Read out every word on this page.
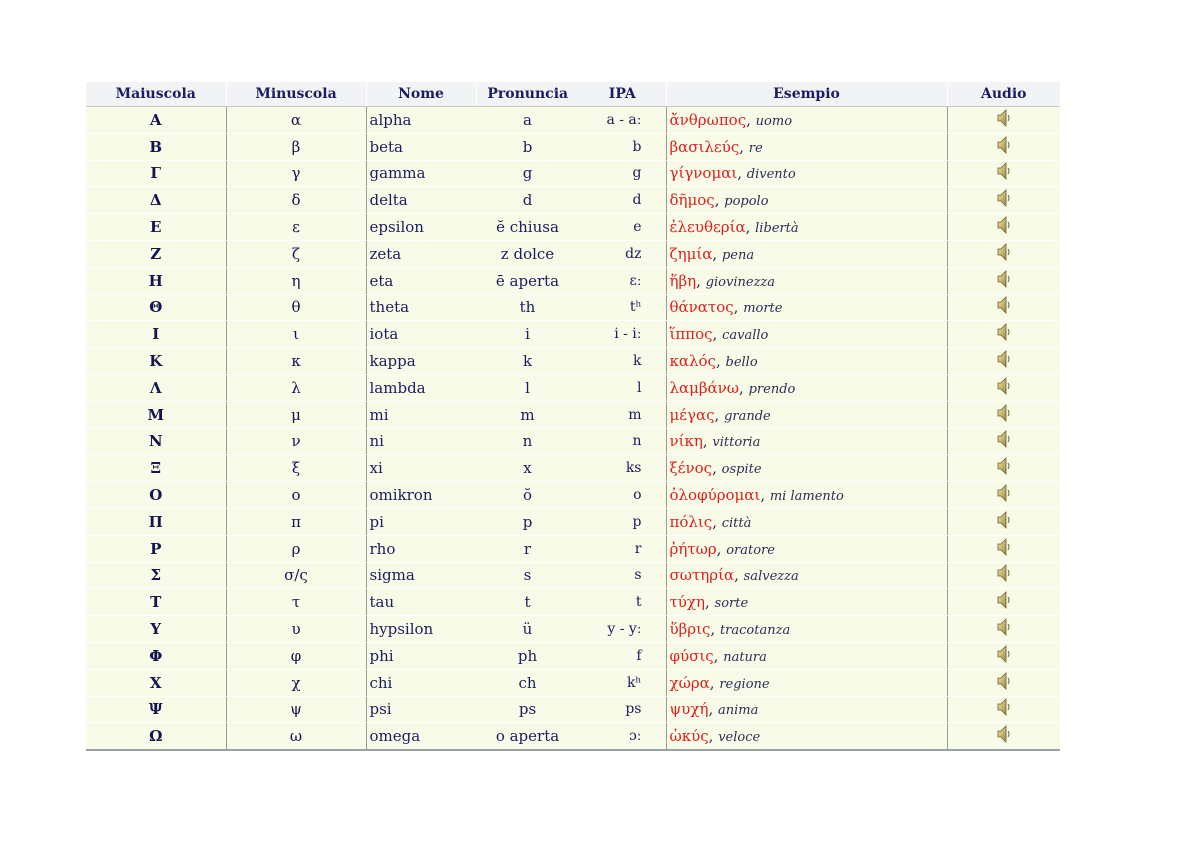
Maiuscola	Minuscola	Nome	Pronuncia	IPA	Esempio	Audio
Α	α	alpha	a	a - aː	ἄνθρωπος, uomo	
Β	β	beta	b	b	βασιλεύς, re	
Γ	γ	gamma	g	g	γίγνομαι, divento	
Δ	δ	delta	d	d	δῆμος, popolo	
Ε	ε	epsilon	ĕ chiusa	e	ἐλευθερία, libertà	
Ζ	ζ	zeta	z dolce	dz	ζημία, pena	
Η	η	eta	ē aperta	ɛː	ἥβη, giovinezza	
Θ	θ	theta	th	tʰ	θάνατος, morte	
Ι	ι	iota	i	i - iː	ἵππος, cavallo	
Κ	κ	kappa	k	k	καλός, bello	
Λ	λ	lambda	l	l	λαμβάνω, prendo	
Μ	μ	mi	m	m	μέγας, grande	
Ν	ν	ni	n	n	νίκη, vittoria	
Ξ	ξ	xi	x	ks	ξένος, ospite	
Ο	ο	omikron	ŏ	o	ὀλοφύρομαι, mi lamento	
Π	π	pi	p	p	πόλις, città	
Ρ	ρ	rho	r	r	ῥήτωρ, oratore	
Σ	σ/ς	sigma	s	s	σωτηρία, salvezza	
Τ	τ	tau	t	t	τύχη, sorte	
Υ	υ	hypsilon	ü	y - yː	ὕβρις, tracotanza	
Φ	φ	phi	ph	f	φύσις, natura	
Χ	χ	chi	ch	kʰ	χώρα, regione	
Ψ	ψ	psi	ps	ps	ψυχή, anima	
Ω	ω	omega	o aperta	ɔː	ὠκύς, veloce	
